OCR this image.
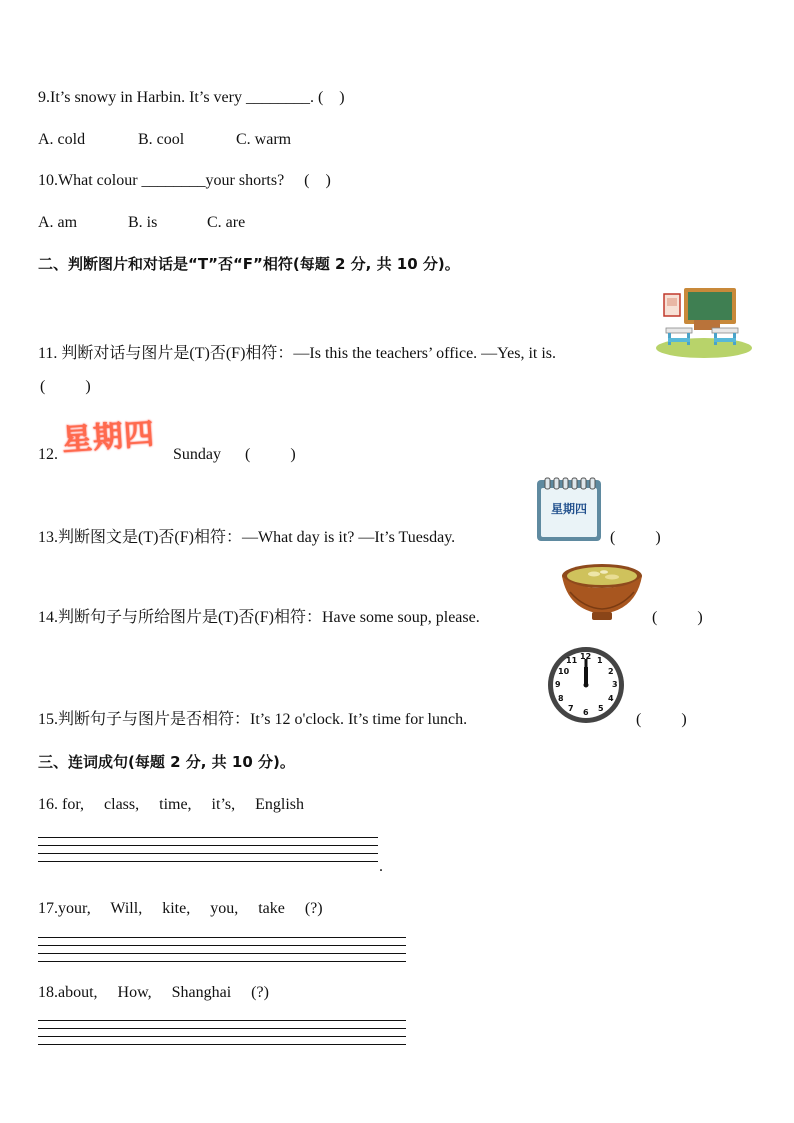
9.It’s snowy in Harbin. It’s very ________. (    )
A. cold	B. cool	C. warm
10.What colour ________your shorts?     (    )
A. am	B. is	C. are
二、判断图片和对话是“T”否“F”相符(每题 2 分, 共 10 分)。
11. 判断对话与图片是(T)否(F)相符：—Is this the teachers’ office. —Yes, it is.
(          )
12. 星期四	Sunday (          )
13.判断图文是(T)否(F)相符：—What day is it? —It’s Tuesday.
星期四
(          )
14.判断句子与所给图片是(T)否(F)相符：Have some soup, please.	(          )
15.判断句子与图片是否相符：It’s 12 o'clock. It’s time for lunch.
12 1
2
3
4
5
6
7
8
9
10
11
(          )
三、连词成句(每题 2 分, 共 10 分)。
16. for,     class,     time,     it’s,     English
.
17.your,     Will,     kite,     you,     take     (?)
18.about,     How,     Shanghai     (?)
